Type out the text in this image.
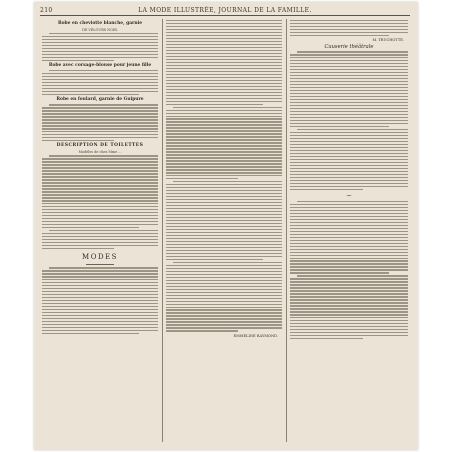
210	LA MODE ILLUSTRÉE, JOURNAL DE LA FAMILLE.
Robe en cheviotte blanche, garnie
DE VELOURS NOIR.
Robe avec corsage-blouse pour jeune fille
Robe en foulard, garnie de Guipure
DESCRIPTION DE TOILETTES
Modèles de chez Mme ...
MODES
EMMELINE RAYMOND.
M. TRUCHOTTE.
Causerie théâtrale
~
